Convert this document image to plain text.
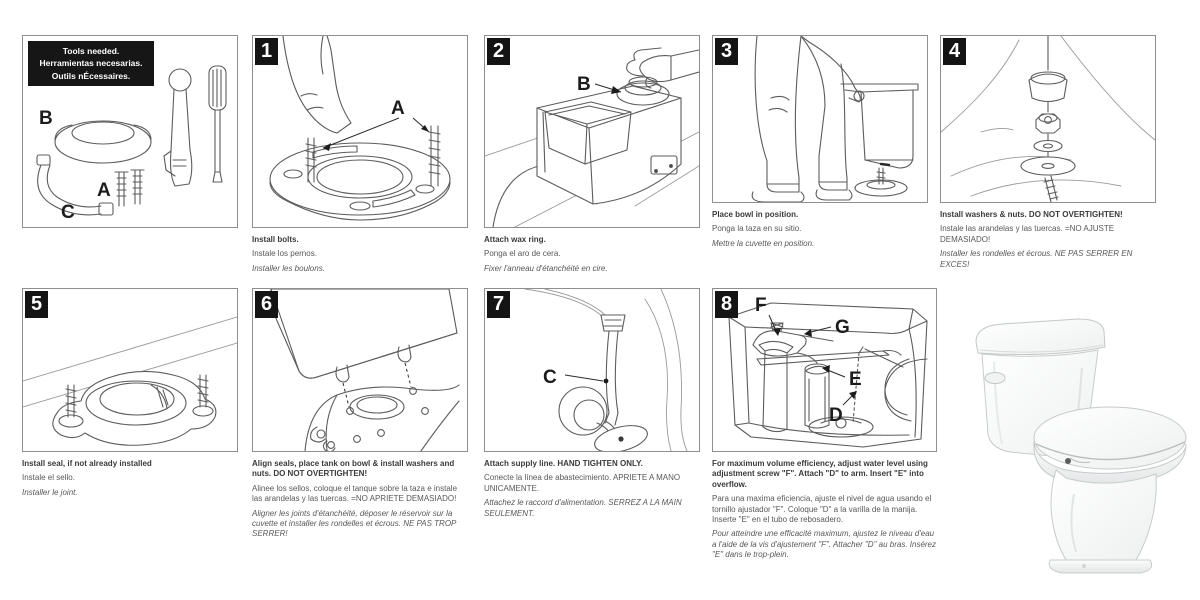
B
A
C
Tools needed.
Herramientas necesarias.
Outils nÉcessaires.
A
1

Install bolts.

Instale los pernos.

Installer les boulons.

B
2

Attach wax ring.

Ponga el aro de cera.

Fixer l'anneau d'étanchéité en cire.

3

Place bowl in position.

Ponga la taza en su sitio.

Mettre la cuvette en position.

4

Install washers & nuts. DO NOT OVERTIGHTEN!

Instale las arandelas y las tuercas. =NO AJUSTE DEMASIADO!

Installer les rondelles et écrous. NE PAS SERRER EN EXCES!

5

Install seal, if not already installed

Instale el sello.

Installer le joint.

6

Align seals, place tank on bowl & install washers and nuts. DO NOT OVERTIGHTEN!

Alinee los sellos, coloque el tanque sobre la taza e instale las arandelas y las tuercas. =NO APRIETE DEMASIADO!

Aligner les joints d'étanchéité, déposer le réservoir sur la cuvette et installer les rondelles et écrous. NE PAS TROP SERRER!

C
7

Attach supply line. HAND TIGHTEN ONLY.

Conecte la línea de abastecimiento. APRIETE A MANO UNICAMENTE.

Attachez le raccord d'alimentation. SERREZ A LA MAIN SEULEMENT.

F
G
E
D
8

For maximum volume efficiency, adjust water level using adjustment screw "F". Attach "D" to arm. Insert "E" into overflow.

Para una maxima eficiencia, ajuste el nivel de agua usando el tornillo ajustador "F". Coloque "D" a la varilla de la manija. Inserte "E" en el tubo de rebosadero.

Pour atteindre une efficacité maximum, ajustez le niveau d'eau a l'aide de la vis d'ajustement "F". Attacher "D" au bras. Insérez "E" dans le trop-plein.
